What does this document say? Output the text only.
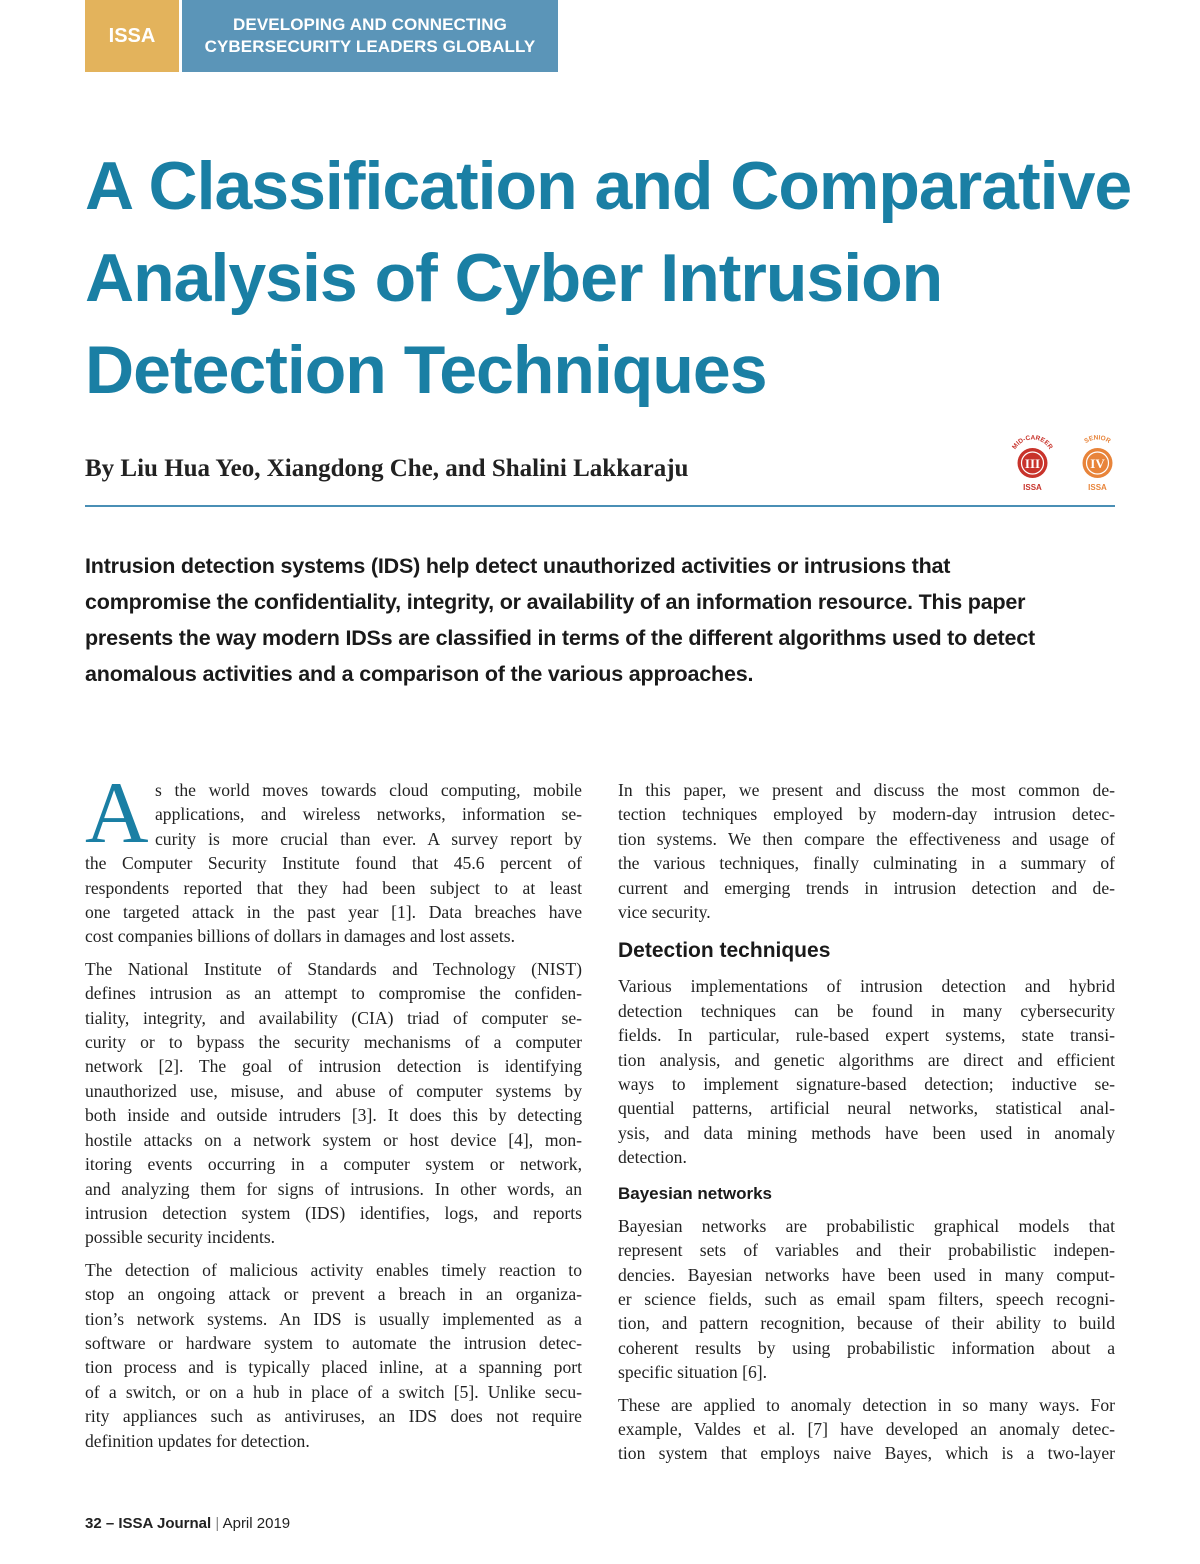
ISSA	DEVELOPING AND CONNECTING
CYBERSECURITY LEADERS GLOBALLY
A Classification and Comparative
Analysis of Cyber Intrusion
Detection Techniques
By Liu Hua Yeo, Xiangdong Che, and Shalini Lakkaraju
MID-CAREER
III
ISSA
SENIOR
IV
ISSA
Intrusion detection systems (IDS) help detect unauthorized activities or intrusions that
compromise the confidentiality, integrity, or availability of an information resource. This paper
presents the way modern IDSs are classified in terms of the different algorithms used to detect
anomalous activities and a comparison of the various approaches.
A s the world moves towards cloud computing, mobile
applications, and wireless networks, information se-
curity is more crucial than ever. A survey report by
the Computer Security Institute found that 45.6 percent of
respondents reported that they had been subject to at least
one targeted attack in the past year [1]. Data breaches have
cost companies billions of dollars in damages and lost assets.
The National Institute of Standards and Technology (NIST)
defines intrusion as an attempt to compromise the confiden-
tiality, integrity, and availability (CIA) triad of computer se-
curity or to bypass the security mechanisms of a computer
network [2]. The goal of intrusion detection is identifying
unauthorized use, misuse, and abuse of computer systems by
both inside and outside intruders [3]. It does this by detecting
hostile attacks on a network system or host device [4], mon-
itoring events occurring in a computer system or network,
and analyzing them for signs of intrusions. In other words, an
intrusion detection system (IDS) identifies, logs, and reports
possible security incidents.
The detection of malicious activity enables timely reaction to
stop an ongoing attack or prevent a breach in an organiza-
tion’s network systems. An IDS is usually implemented as a
software or hardware system to automate the intrusion detec-
tion process and is typically placed inline, at a spanning port
of a switch, or on a hub in place of a switch [5]. Unlike secu-
rity appliances such as antiviruses, an IDS does not require
definition updates for detection.
In this paper, we present and discuss the most common de-
tection techniques employed by modern-day intrusion detec-
tion systems. We then compare the effectiveness and usage of
the various techniques, finally culminating in a summary of
current and emerging trends in intrusion detection and de-
vice security.
Detection techniques
Various implementations of intrusion detection and hybrid
detection techniques can be found in many cybersecurity
fields. In particular, rule-based expert systems, state transi-
tion analysis, and genetic algorithms are direct and efficient
ways to implement signature-based detection; inductive se-
quential patterns, artificial neural networks, statistical anal-
ysis, and data mining methods have been used in anomaly
detection.
Bayesian networks
Bayesian networks are probabilistic graphical models that
represent sets of variables and their probabilistic indepen-
dencies. Bayesian networks have been used in many comput-
er science fields, such as email spam filters, speech recogni-
tion, and pattern recognition, because of their ability to build
coherent results by using probabilistic information about a
specific situation [6].
These are applied to anomaly detection in so many ways. For
example, Valdes et al. [7] have developed an anomaly detec-
tion system that employs naive Bayes, which is a two-layer
32 – ISSA Journal | April 2019
